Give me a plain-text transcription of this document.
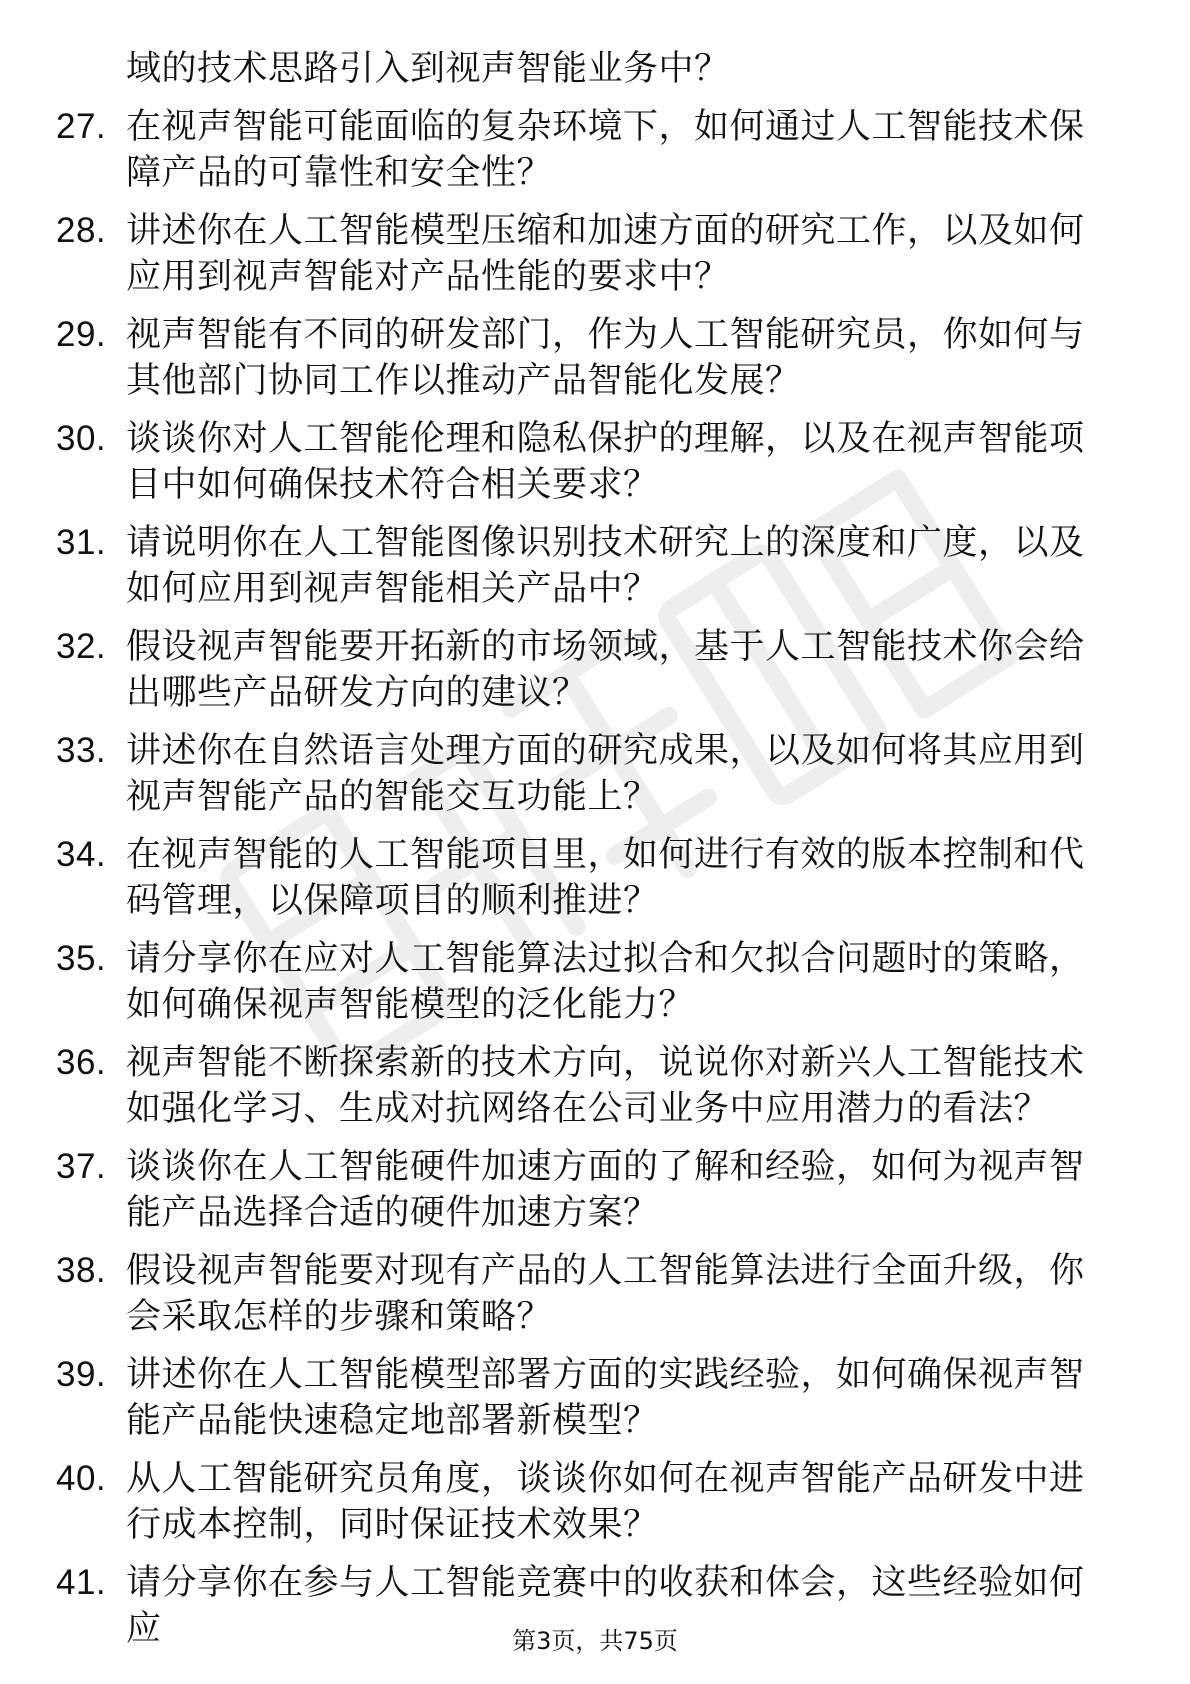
域的技术思路引入到视声智能业务中？
27. 在视声智能可能面临的复杂环境下，如何通过人工智能技术保障产品的可靠性和安全性？
28. 讲述你在人工智能模型压缩和加速方面的研究工作，以及如何应用到视声智能对产品性能的要求中？
29. 视声智能有不同的研发部门，作为人工智能研究员，你如何与其他部门协同工作以推动产品智能化发展？
30. 谈谈你对人工智能伦理和隐私保护的理解，以及在视声智能项目中如何确保技术符合相关要求？
31. 请说明你在人工智能图像识别技术研究上的深度和广度，以及如何应用到视声智能相关产品中？
32. 假设视声智能要开拓新的市场领域，基于人工智能技术你会给出哪些产品研发方向的建议？
33. 讲述你在自然语言处理方面的研究成果，以及如何将其应用到视声智能产品的智能交互功能上？
34. 在视声智能的人工智能项目里，如何进行有效的版本控制和代码管理，以保障项目的顺利推进？
35. 请分享你在应对人工智能算法过拟合和欠拟合问题时的策略，如何确保视声智能模型的泛化能力？
36. 视声智能不断探索新的技术方向，说说你对新兴人工智能技术如强化学习、生成对抗网络在公司业务中应用潜力的看法？
37. 谈谈你在人工智能硬件加速方面的了解和经验，如何为视声智能产品选择合适的硬件加速方案？
38. 假设视声智能要对现有产品的人工智能算法进行全面升级，你会采取怎样的步骤和策略？
39. 讲述你在人工智能模型部署方面的实践经验，如何确保视声智能产品能快速稳定地部署新模型？
40. 从人工智能研究员角度，谈谈你如何在视声智能产品研发中进行成本控制，同时保证技术效果？
41. 请分享你在参与人工智能竞赛中的收获和体会，这些经验如何应	第3页，共75页
